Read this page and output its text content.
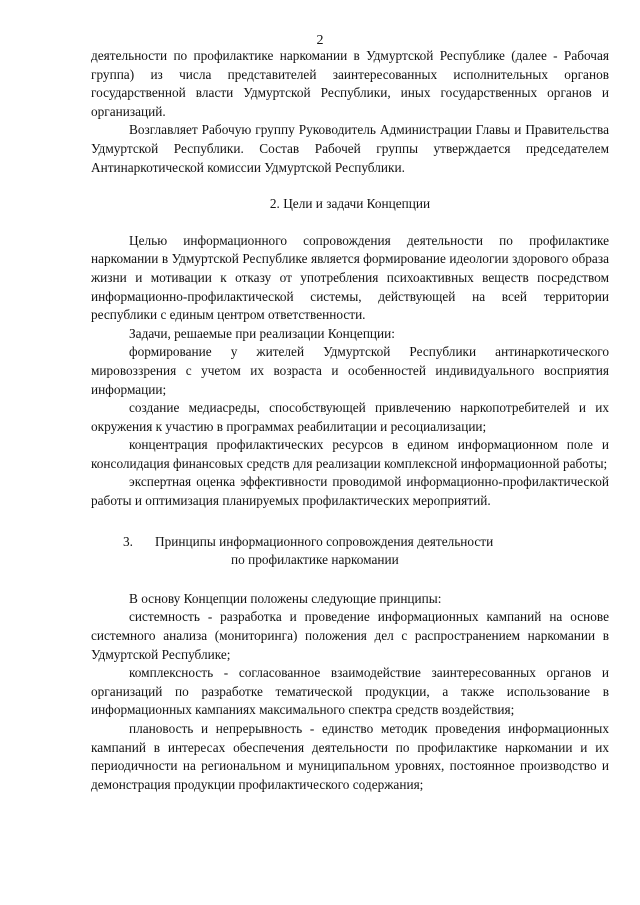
2

деятельности по профилактике наркомании в Удмуртской Республике (далее - Рабочая группа) из числа представителей заинтересованных исполнительных органов государственной власти Удмуртской Республики, иных государственных органов и организаций.

Возглавляет Рабочую группу Руководитель Администрации Главы и Правительства Удмуртской Республики. Состав Рабочей группы утверждается председателем Антинаркотической комиссии Удмуртской Республики.

2. Цели и задачи Концепции

Целью информационного сопровождения деятельности по профилактике наркомании в Удмуртской Республике является формирование идеологии здорового образа жизни и мотивации к отказу от употребления психоактивных веществ посредством информационно-профилактической системы, действующей на всей территории республики с единым центром ответственности.

Задачи, решаемые при реализации Концепции:

формирование у жителей Удмуртской Республики антинаркотического мировоззрения с учетом их возраста и особенностей индивидуального восприятия информации;

создание медиасреды, способствующей привлечению наркопотребителей и их окружения к участию в программах реабилитации и ресоциализации;

концентрация профилактических ресурсов в едином информационном поле и консолидация финансовых средств для реализации комплексной информационной работы;

экспертная оценка эффективности проводимой информационно-профилактической работы и оптимизация планируемых профилактических мероприятий.

3. Принципы информационного сопровождения деятельности
по профилактике наркомании

В основу Концепции положены следующие принципы:

системность - разработка и проведение информационных кампаний на основе системного анализа (мониторинга) положения дел с распространением наркомании в Удмуртской Республике;

комплексность - согласованное взаимодействие заинтересованных органов и организаций по разработке тематической продукции, а также использование в информационных кампаниях максимального спектра средств воздействия;

плановость и непрерывность - единство методик проведения информационных кампаний в интересах обеспечения деятельности по профилактике наркомании и их периодичности на региональном и муниципальном уровнях, постоянное производство и демонстрация продукции профилактического содержания;
